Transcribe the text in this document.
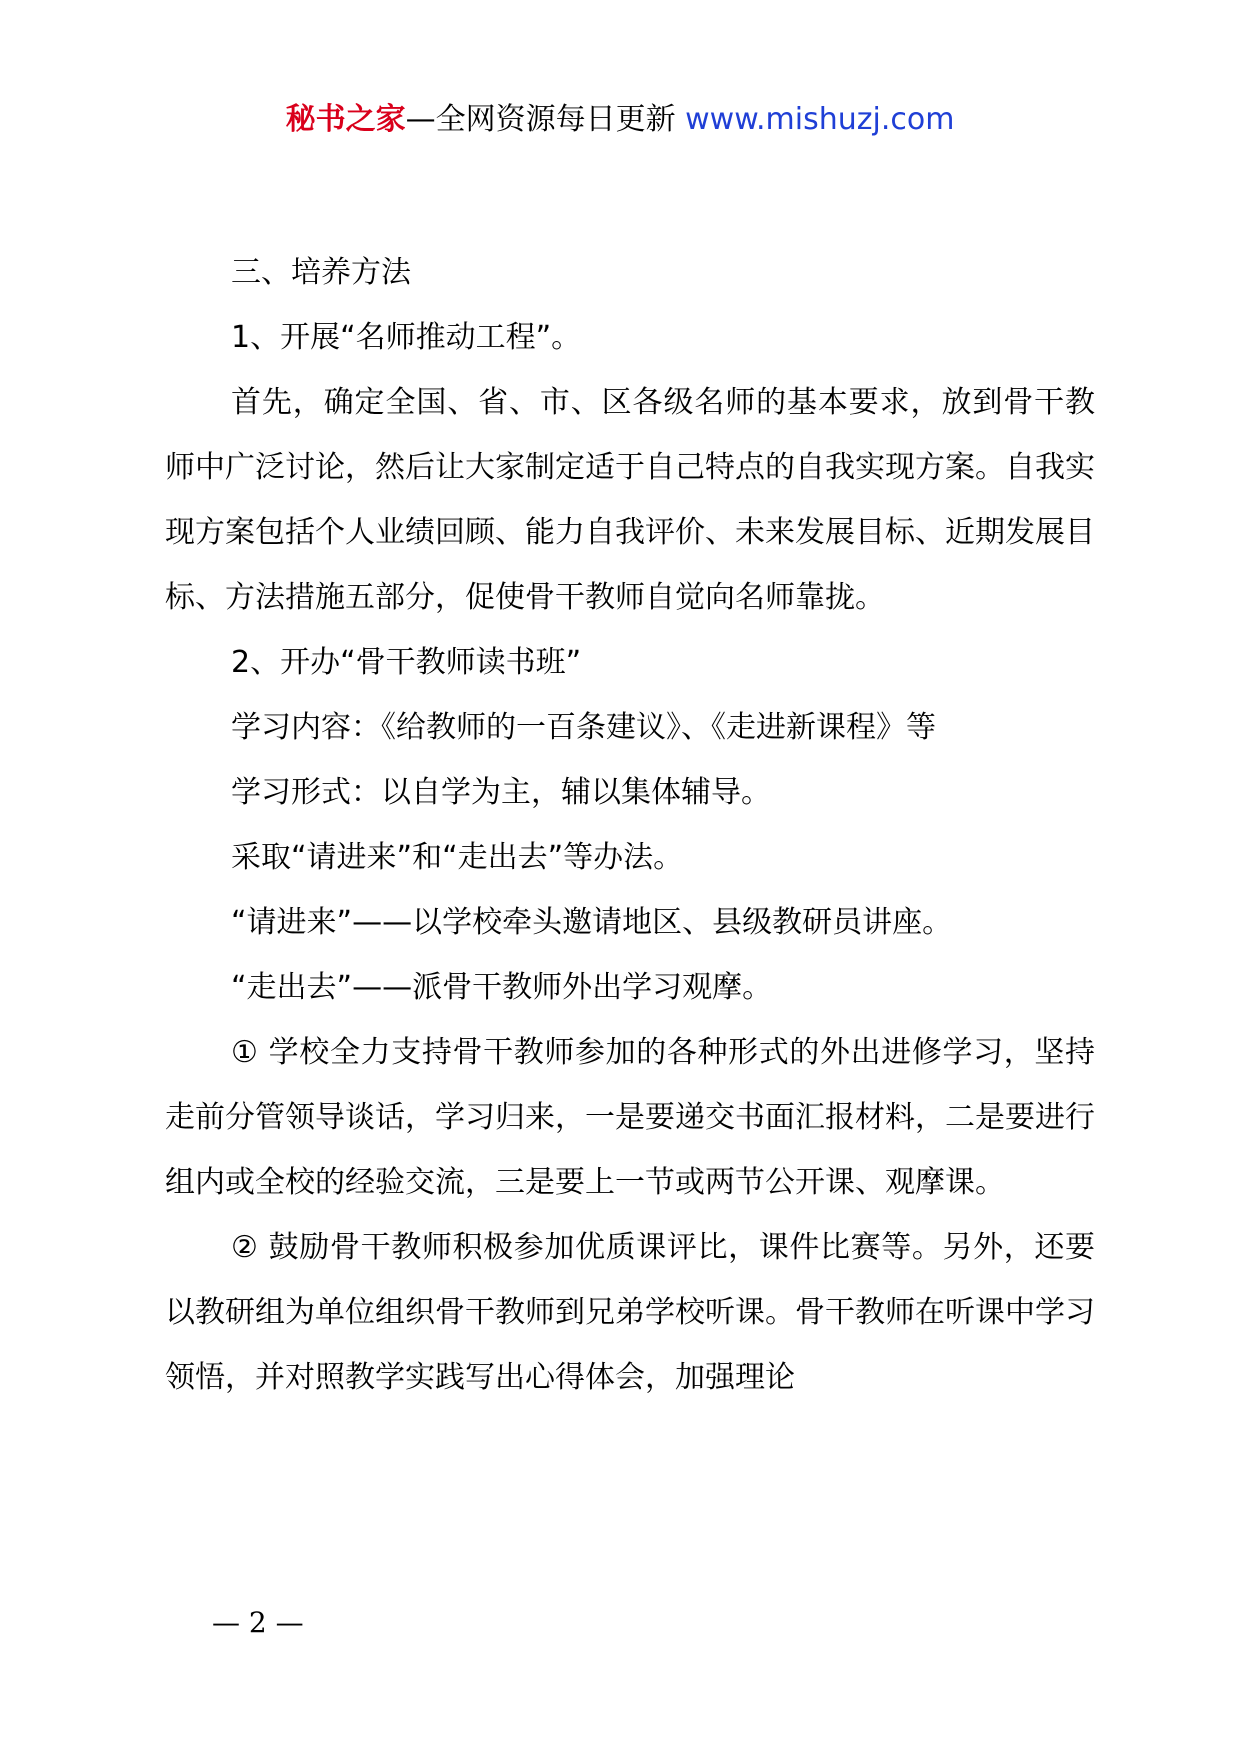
秘书之家—全网资源每日更新 www.mishuzj.com

三、培养方法

1、开展“名师推动工程”。

首先，确定全国、省、市、区各级名师的基本要求，放到骨干教师中广泛讨论，然后让大家制定适于自己特点的自我实现方案。自我实现方案包括个人业绩回顾、能力自我评价、未来发展目标、近期发展目标、方法措施五部分，促使骨干教师自觉向名师靠拢。

2、开办“骨干教师读书班”

学习内容：《给教师的一百条建议》、《走进新课程》等

学习形式：以自学为主，辅以集体辅导。

采取“请进来”和“走出去”等办法。

“请进来”——以学校牵头邀请地区、县级教研员讲座。

“走出去”——派骨干教师外出学习观摩。

① 学校全力支持骨干教师参加的各种形式的外出进修学习，坚持走前分管领导谈话，学习归来，一是要递交书面汇报材料，二是要进行组内或全校的经验交流，三是要上一节或两节公开课、观摩课。

② 鼓励骨干教师积极参加优质课评比，课件比赛等。另外，还要以教研组为单位组织骨干教师到兄弟学校听课。骨干教师在听课中学习领悟，并对照教学实践写出心得体会，加强理论

— 2 —
